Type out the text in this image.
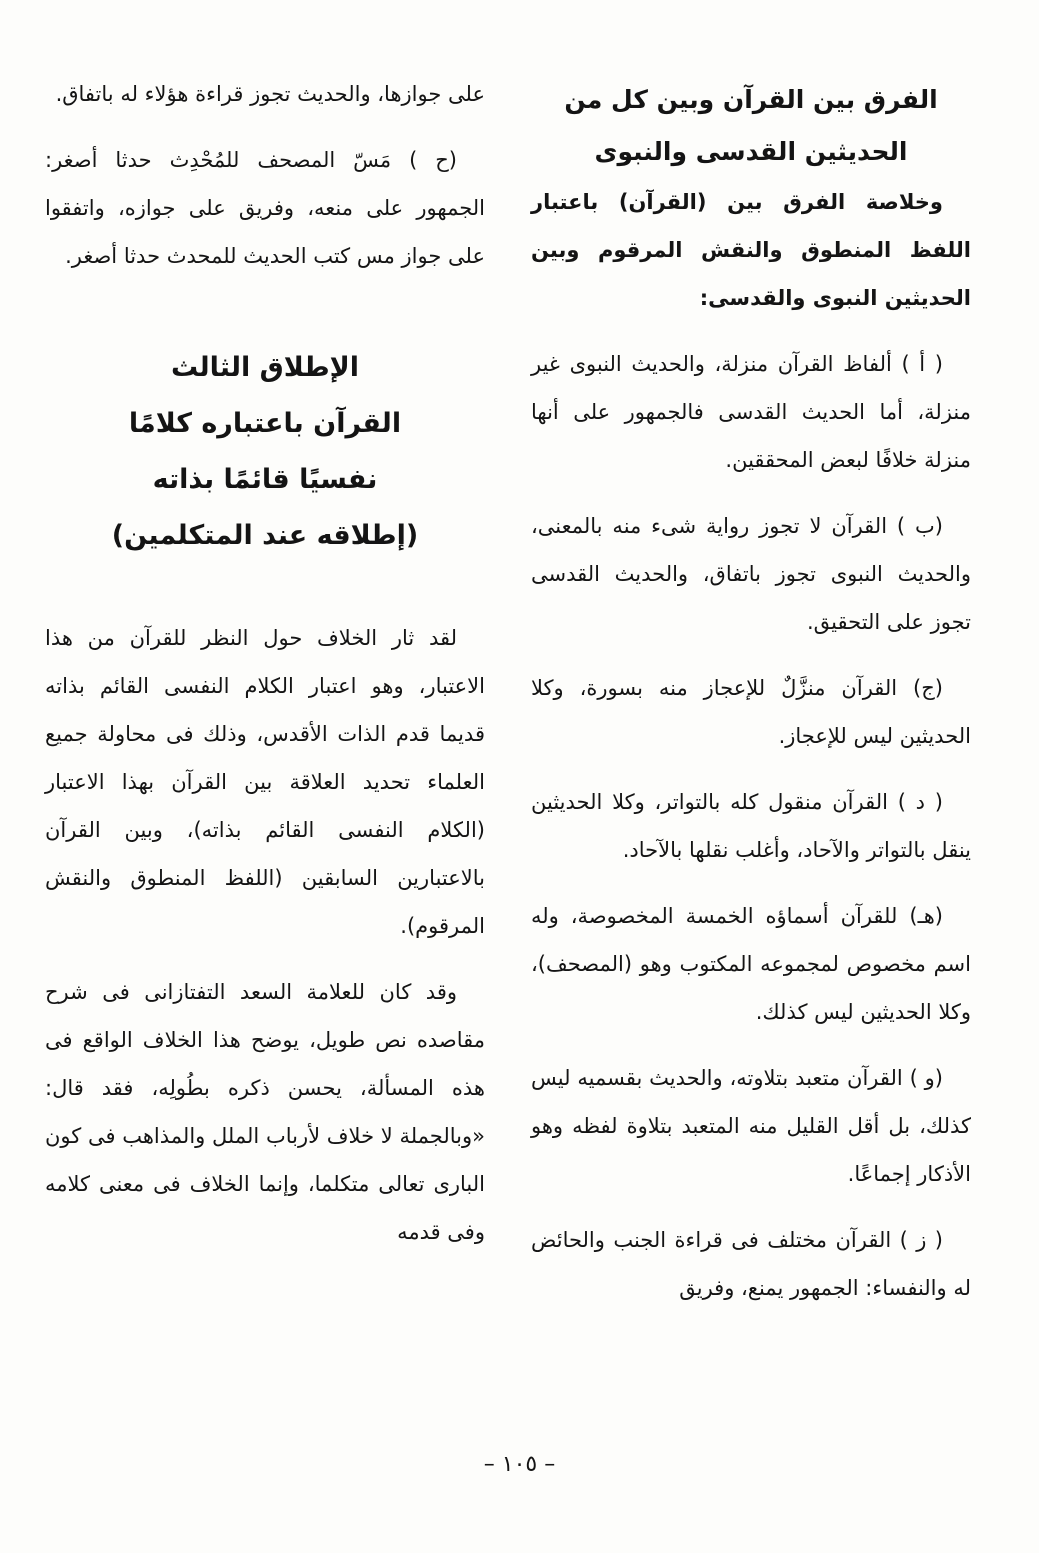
الفرق بين القرآن وبين كل من

الحديثين القدسى والنبوى

وخلاصة الفرق بين (القرآن) باعتبار اللفظ المنطوق والنقش المرقوم وبين الحديثين النبوى والقدسى:

( أ ) ألفاظ القرآن منزلة، والحديث النبوى غير منزلة، أما الحديث القدسى فالجمهور على أنها منزلة خلافًا لبعض المحققين.

(ب ) القرآن لا تجوز رواية شىء منه بالمعنى، والحديث النبوى تجوز باتفاق، والحديث القدسى تجوز على التحقيق.

(ج) القرآن منزَّلٌ للإعجاز منه بسورة، وكلا الحديثين ليس للإعجاز.

( د ) القرآن منقول كله بالتواتر، وكلا الحديثين ينقل بالتواتر والآحاد، وأغلب نقلها بالآحاد.

(هـ) للقرآن أسماؤه الخمسة المخصوصة، وله اسم مخصوص لمجموعه المكتوب وهو (المصحف)، وكلا الحديثين ليس كذلك.

(و ) القرآن متعبد بتلاوته، والحديث بقسميه ليس كذلك، بل أقل القليل منه المتعبد بتلاوة لفظه وهو الأذكار إجماعًا.

( ز ) القرآن مختلف فى قراءة الجنب والحائض له والنفساء: الجمهور يمنع، وفريق

على جوازها، والحديث تجوز قراءة هؤلاء له باتفاق.

(ح ) مَسّ المصحف للمُحْدِث حدثا أصغر: الجمهور على منعه، وفريق على جوازه، واتفقوا على جواز مس كتب الحديث للمحدث حدثا أصغر.

الإطلاق الثالث

القرآن باعتباره كلامًا

نفسيًا قائمًا بذاته

(إطلاقه عند المتكلمين)

لقد ثار الخلاف حول النظر للقرآن من هذا الاعتبار، وهو اعتبار الكلام النفسى القائم بذاته قديما قدم الذات الأقدس، وذلك فى محاولة جميع العلماء تحديد العلاقة بين القرآن بهذا الاعتبار (الكلام النفسى القائم بذاته)، وبين القرآن بالاعتبارين السابقين (اللفظ المنطوق والنقش المرقوم).

وقد كان للعلامة السعد التفتازانى فى شرح مقاصده نص طويل، يوضح هذا الخلاف الواقع فى هذه المسألة، يحسن ذكره بطُولِه، فقد قال: «وبالجملة لا خلاف لأرباب الملل والمذاهب فى كون البارى تعالى متكلما، وإنما الخلاف فى معنى كلامه وفى قدمه

– ١٠٥ –
